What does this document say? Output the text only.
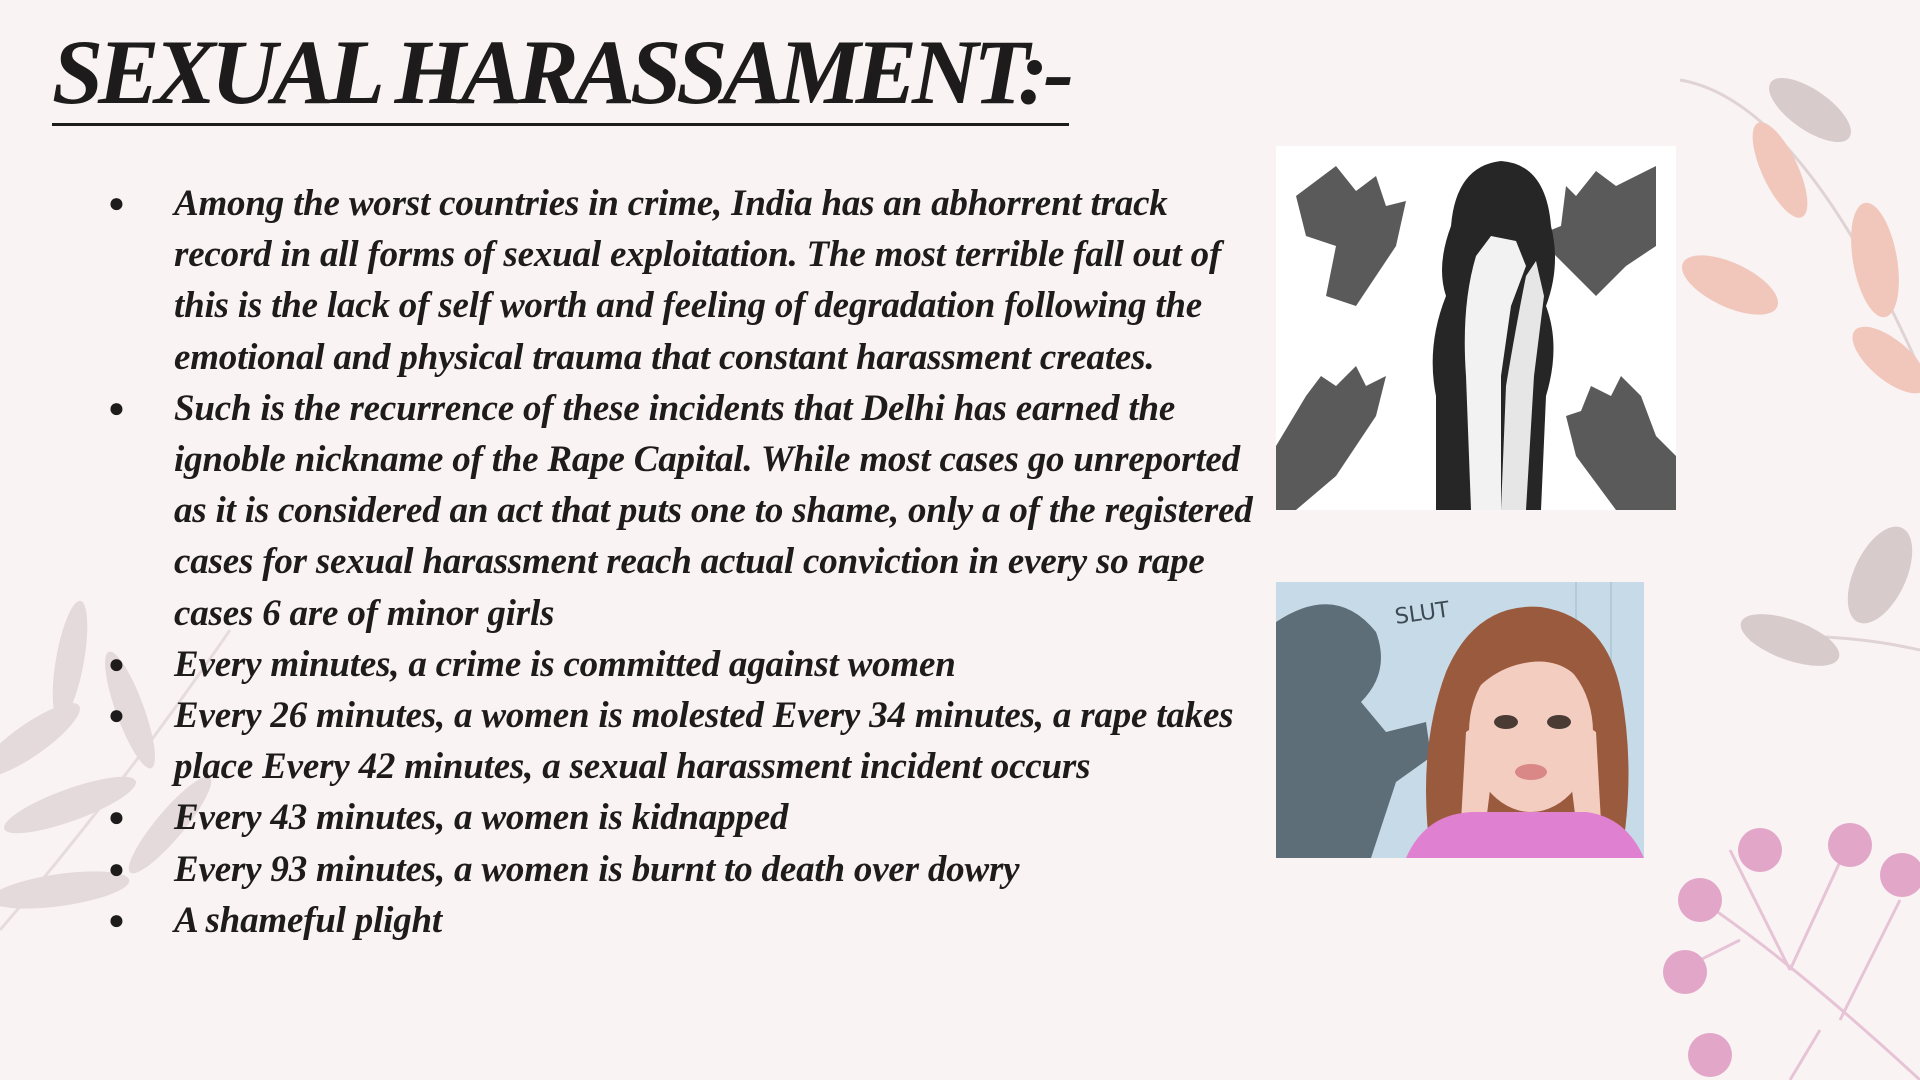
SEXUAL HARASSAMENT:-
● Among the worst countries in crime, India has an abhorrent track record in all forms of sexual exploitation. The most terrible fall out of this is the lack of self worth and feeling of degradation following the emotional and physical trauma that constant harassment creates.
● Such is the recurrence of these incidents that Delhi has earned the ignoble nickname of the Rape Capital. While most cases go unreported as it is considered an act that puts one to shame, only a of the registered cases for sexual harassment reach actual conviction in every so rape cases 6 are of minor girls
● Every minutes, a crime is committed against women
● Every 26 minutes, a women is molested Every 34 minutes, a rape takes place Every 42 minutes, a sexual harassment incident occurs
● Every 43 minutes, a women is kidnapped
● Every 93 minutes, a women is burnt to death over dowry
● A shameful plight
SLUT
